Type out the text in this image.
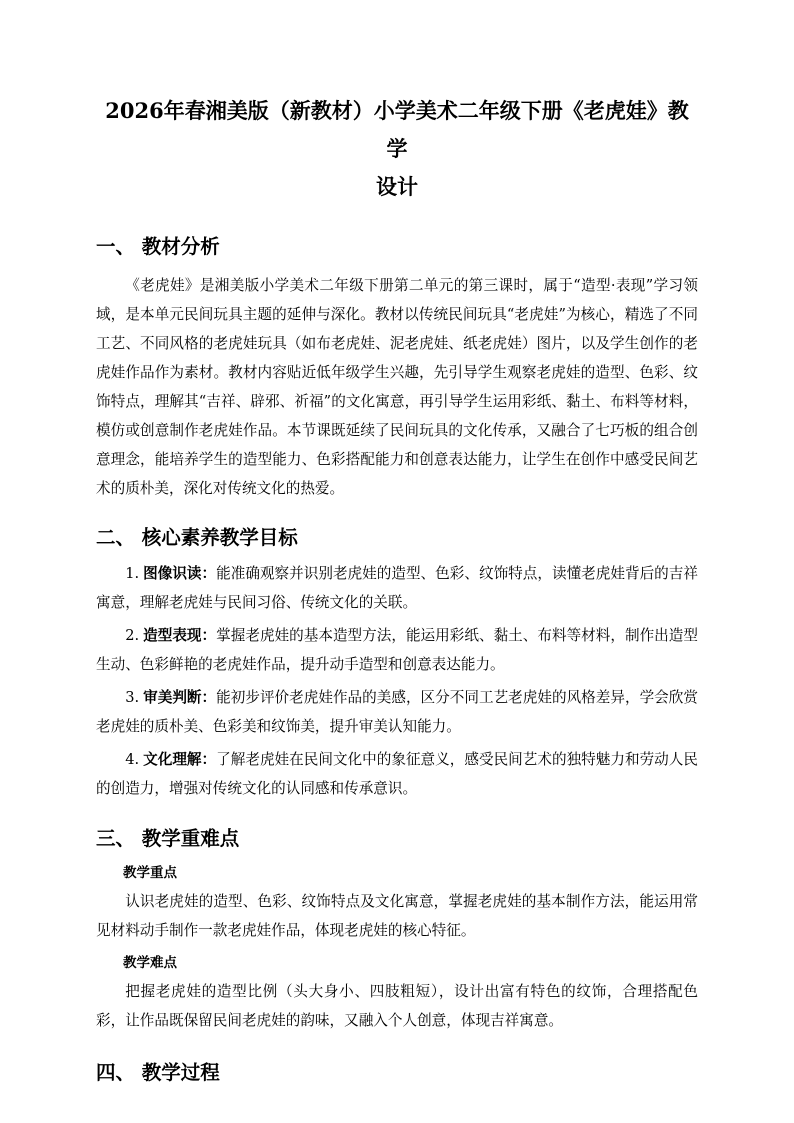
2026年春湘美版（新教材）小学美术二年级下册《老虎娃》教学
设计

一、 教材分析

《老虎娃》是湘美版小学美术二年级下册第二单元的第三课时，属于“造型·表现”学习领域，是本单元民间玩具主题的延伸与深化。教材以传统民间玩具“老虎娃”为核心，精选了不同工艺、不同风格的老虎娃玩具（如布老虎娃、泥老虎娃、纸老虎娃）图片，以及学生创作的老虎娃作品作为素材。教材内容贴近低年级学生兴趣，先引导学生观察老虎娃的造型、色彩、纹饰特点，理解其“吉祥、辟邪、祈福”的文化寓意，再引导学生运用彩纸、黏土、布料等材料，模仿或创意制作老虎娃作品。本节课既延续了民间玩具的文化传承，又融合了七巧板的组合创意理念，能培养学生的造型能力、色彩搭配能力和创意表达能力，让学生在创作中感受民间艺术的质朴美，深化对传统文化的热爱。

二、 核心素养教学目标

1. 图像识读：能准确观察并识别老虎娃的造型、色彩、纹饰特点，读懂老虎娃背后的吉祥寓意，理解老虎娃与民间习俗、传统文化的关联。

2. 造型表现：掌握老虎娃的基本造型方法，能运用彩纸、黏土、布料等材料，制作出造型生动、色彩鲜艳的老虎娃作品，提升动手造型和创意表达能力。

3. 审美判断：能初步评价老虎娃作品的美感，区分不同工艺老虎娃的风格差异，学会欣赏老虎娃的质朴美、色彩美和纹饰美，提升审美认知能力。

4. 文化理解：了解老虎娃在民间文化中的象征意义，感受民间艺术的独特魅力和劳动人民的创造力，增强对传统文化的认同感和传承意识。

三、 教学重难点

教学重点

认识老虎娃的造型、色彩、纹饰特点及文化寓意，掌握老虎娃的基本制作方法，能运用常见材料动手制作一款老虎娃作品，体现老虎娃的核心特征。

教学难点

把握老虎娃的造型比例（头大身小、四肢粗短），设计出富有特色的纹饰，合理搭配色彩，让作品既保留民间老虎娃的韵味，又融入个人创意，体现吉祥寓意。

四、 教学过程
